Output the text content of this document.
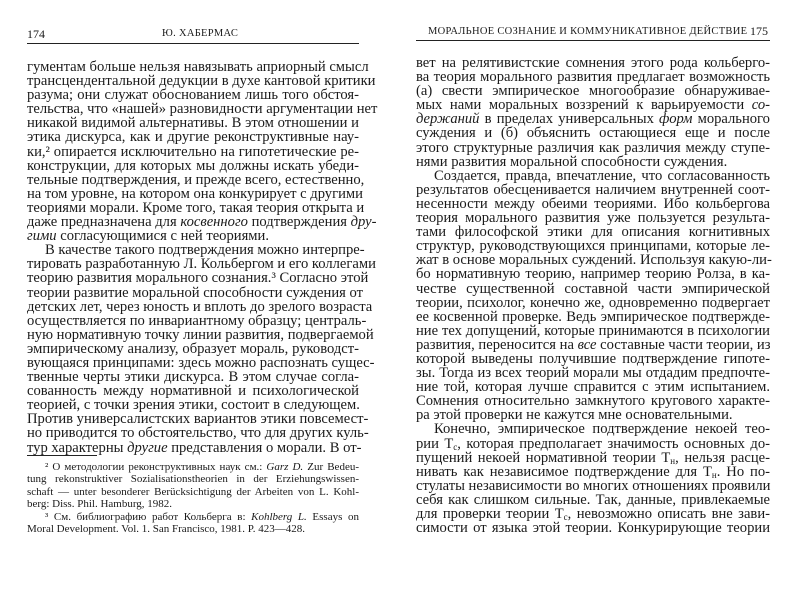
174	Ю. ХАБЕРМАС
гументам больше нельзя навязывать априорный смысл
трансцендентальной дедукции в духе кантовой критики
разума; они служат обоснованием лишь того обстоя-
тельства, что «нашей» разновидности аргументации нет
никакой видимой альтернативы. В этом отношении и
этика дискурса, как и другие реконструктивные нау-
ки,² опирается исключительно на гипотетические ре-
конструкции, для которых мы должны искать убеди-
тельные подтверждения, и прежде всего, естественно,
на том уровне, на котором она конкурирует с другими
теориями морали. Кроме того, такая теория открыта и
даже предназначена для косвенного подтверждения дру-
гими согласующимися с ней теориями.
В качестве такого подтверждения можно интерпре-
тировать разработанную Л. Кольбергом и его коллегами
теорию развития морального сознания.³ Согласно этой
теории развитие моральной способности суждения от
детских лет, через юность и вплоть до зрелого возраста
осуществляется по инвариантному образцу; централь-
ную нормативную точку линии развития, подвергаемой
эмпирическому анализу, образует мораль, руководст-
вующаяся принципами: здесь можно распознать сущес-
твенные черты этики дискурса. В этом случае согла-
сованность между нормативной и психологической
теорией, с точки зрения этики, состоит в следующем.
Против универсалистских вариантов этики повсемест-
но приводится то обстоятельство, что для других куль-
тур характерны другие представления о морали. В от-
² О методологии реконструктивных наук см.: Garz D. Zur Bedeu-
tung rekonstruktiver Sozialisationstheorien in der Erziehungswissen-
schaft — unter besonderer Berücksichtigung der Arbeiten von L. Kohl-
berg: Diss. Phil. Hamburg, 1982.
³ См. библиографию работ Кольберга в: Kohlberg L. Essays on
Moral Development. Vol. 1. San Francisco, 1981. P. 423—428.
МОРАЛЬНОЕ СОЗНАНИЕ И КОММУНИКАТИВНОЕ ДЕЙСТВИЕ 175
вет на релятивистские сомнения этого рода кольберго-
ва теория морального развития предлагает возможность
(а) свести эмпирическое многообразие обнаруживае-
мых нами моральных воззрений к варьируемости со-
держаний в пределах универсальных форм морального
суждения и (б) объяснить остающиеся еще и после
этого структурные различия как различия между ступе-
нями развития моральной способности суждения.
Создается, правда, впечатление, что согласованность
результатов обесценивается наличием внутренней соот-
несенности между обеими теориями. Ибо кольбергова
теория морального развития уже пользуется результа-
тами философской этики для описания когнитивных
структур, руководствующихся принципами, которые ле-
жат в основе моральных суждений. Используя какую-ли-
бо нормативную теорию, например теорию Ролза, в ка-
честве существенной составной части эмпирической
теории, психолог, конечно же, одновременно подвергает
ее косвенной проверке. Ведь эмпирическое подтвержде-
ние тех допущений, которые принимаются в психологии
развития, переносится на все составные части теории, из
которой выведены получившие подтверждение гипоте-
зы. Тогда из всех теорий морали мы отдадим предпочте-
ние той, которая лучше справится с этим испытанием.
Сомнения относительно замкнутого кругового характе-
ра этой проверки не кажутся мне основательными.
Конечно, эмпирическое подтверждение некоей тео-
рии Tс, которая предполагает значимость основных до-
пущений некоей нормативной теории Tн, нельзя расце-
нивать как независимое подтверждение для Tн. Но по-
стулаты независимости во многих отношениях проявили
себя как слишком сильные. Так, данные, привлекаемые
для проверки теории Tс, невозможно описать вне зави-
симости от языка этой теории. Конкурирующие теории
